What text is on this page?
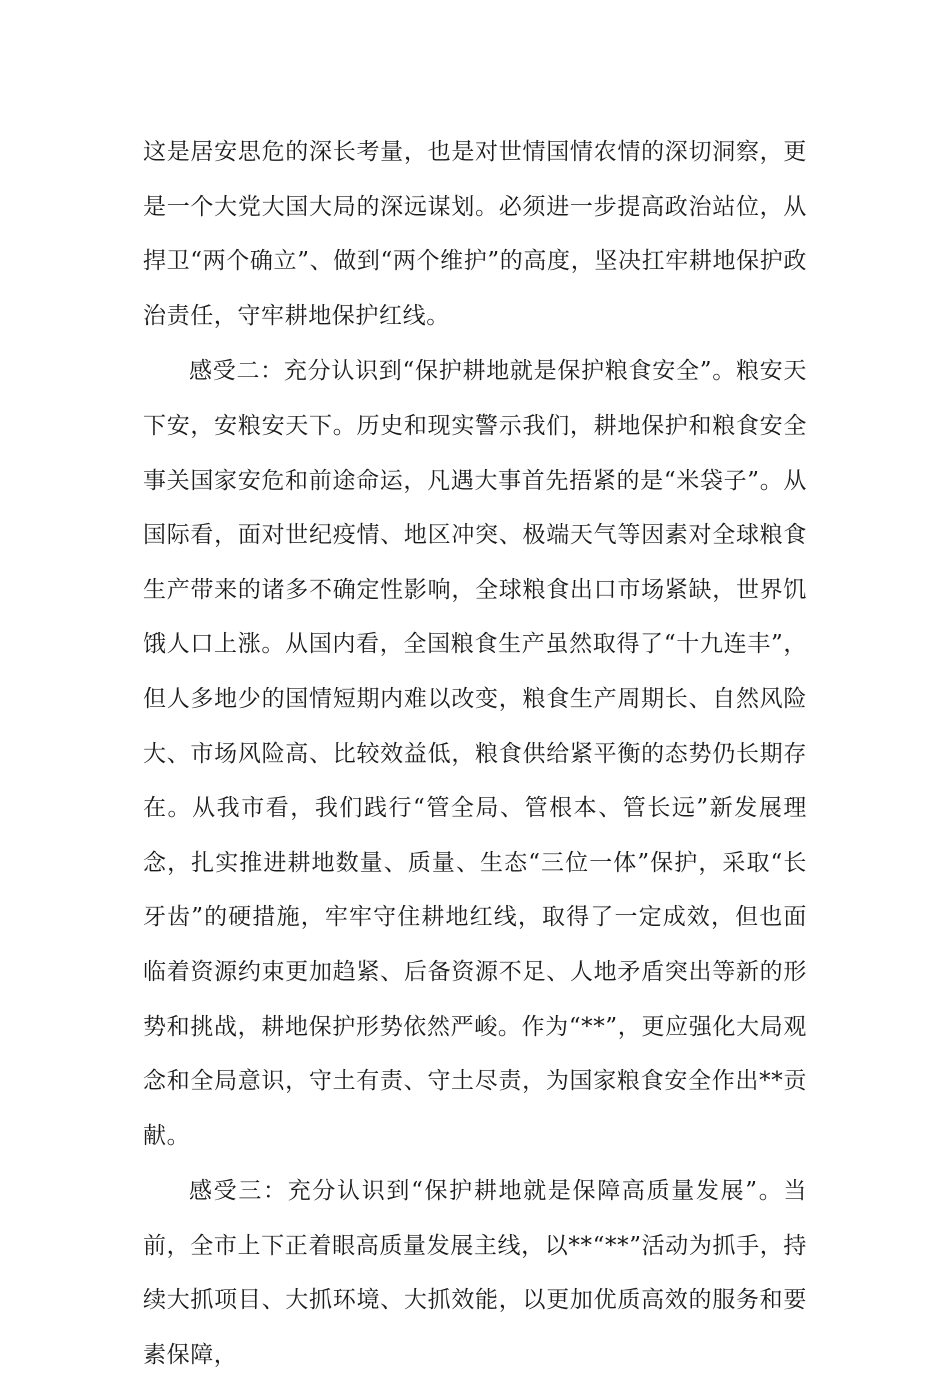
这是居安思危的深长考量，也是对世情国情农情的深切洞察，更是一个大党大国大局的深远谋划。必须进一步提高政治站位，从捍卫“两个确立”、做到“两个维护”的高度，坚决扛牢耕地保护政治责任，守牢耕地保护红线。

感受二：充分认识到“保护耕地就是保护粮食安全”。粮安天下安，安粮安天下。历史和现实警示我们，耕地保护和粮食安全事关国家安危和前途命运，凡遇大事首先捂紧的是“米袋子”。从国际看，面对世纪疫情、地区冲突、极端天气等因素对全球粮食生产带来的诸多不确定性影响，全球粮食出口市场紧缺，世界饥饿人口上涨。从国内看，全国粮食生产虽然取得了“十九连丰”，但人多地少的国情短期内难以改变，粮食生产周期长、自然风险大、市场风险高、比较效益低，粮食供给紧平衡的态势仍长期存在。从我市看，我们践行“管全局、管根本、管长远”新发展理念，扎实推进耕地数量、质量、生态“三位一体”保护，采取“长牙齿”的硬措施，牢牢守住耕地红线，取得了一定成效，但也面临着资源约束更加趋紧、后备资源不足、人地矛盾突出等新的形势和挑战，耕地保护形势依然严峻。作为“**”，更应强化大局观念和全局意识，守土有责、守土尽责，为国家粮食安全作出**贡献。

感受三：充分认识到“保护耕地就是保障高质量发展”。当前，全市上下正着眼高质量发展主线，以**“**”活动为抓手，持续大抓项目、大抓环境、大抓效能，以更加优质高效的服务和要素保障，
